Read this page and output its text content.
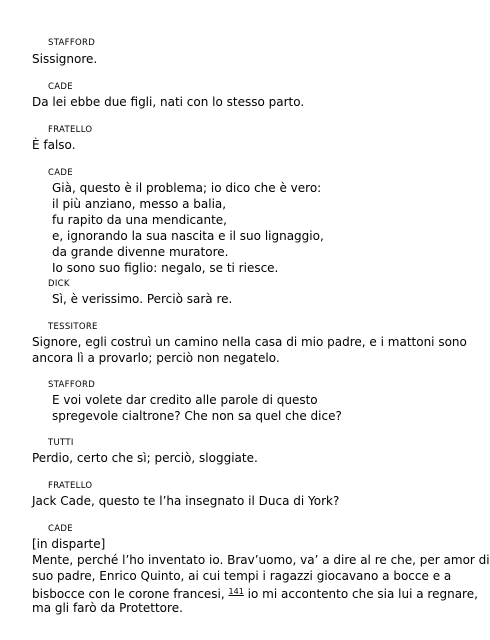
STAFFORD
Sissignore.
CADE
Da lei ebbe due figli, nati con lo stesso parto.
FRATELLO
È falso.
CADE
Già, questo è il problema; io dico che è vero:
il più anziano, messo a balia,
fu rapito da una mendicante,
e, ignorando la sua nascita e il suo lignaggio,
da grande divenne muratore.
Io sono suo figlio: negalo, se ti riesce.
DICK
Sì, è verissimo. Perciò sarà re.
TESSITORE
Signore, egli costruì un camino nella casa di mio padre, e i mattoni sono
ancora lì a provarlo; perciò non negatelo.
STAFFORD
E voi volete dar credito alle parole di questo
spregevole cialtrone? Che non sa quel che dice?
TUTTI
Perdio, certo che sì; perciò, sloggiate.
FRATELLO
Jack Cade, questo te l’ha insegnato il Duca di York?
CADE
[in disparte]
Mente, perché l’ho inventato io. Brav’uomo, va’ a dire al re che, per amor di
suo padre, Enrico Quinto, ai cui tempi i ragazzi giocavano a bocce e a
bisbocce con le corone francesi, $^{141}$ io mi accontento che sia lui a regnare,
ma gli farò da Protettore.
